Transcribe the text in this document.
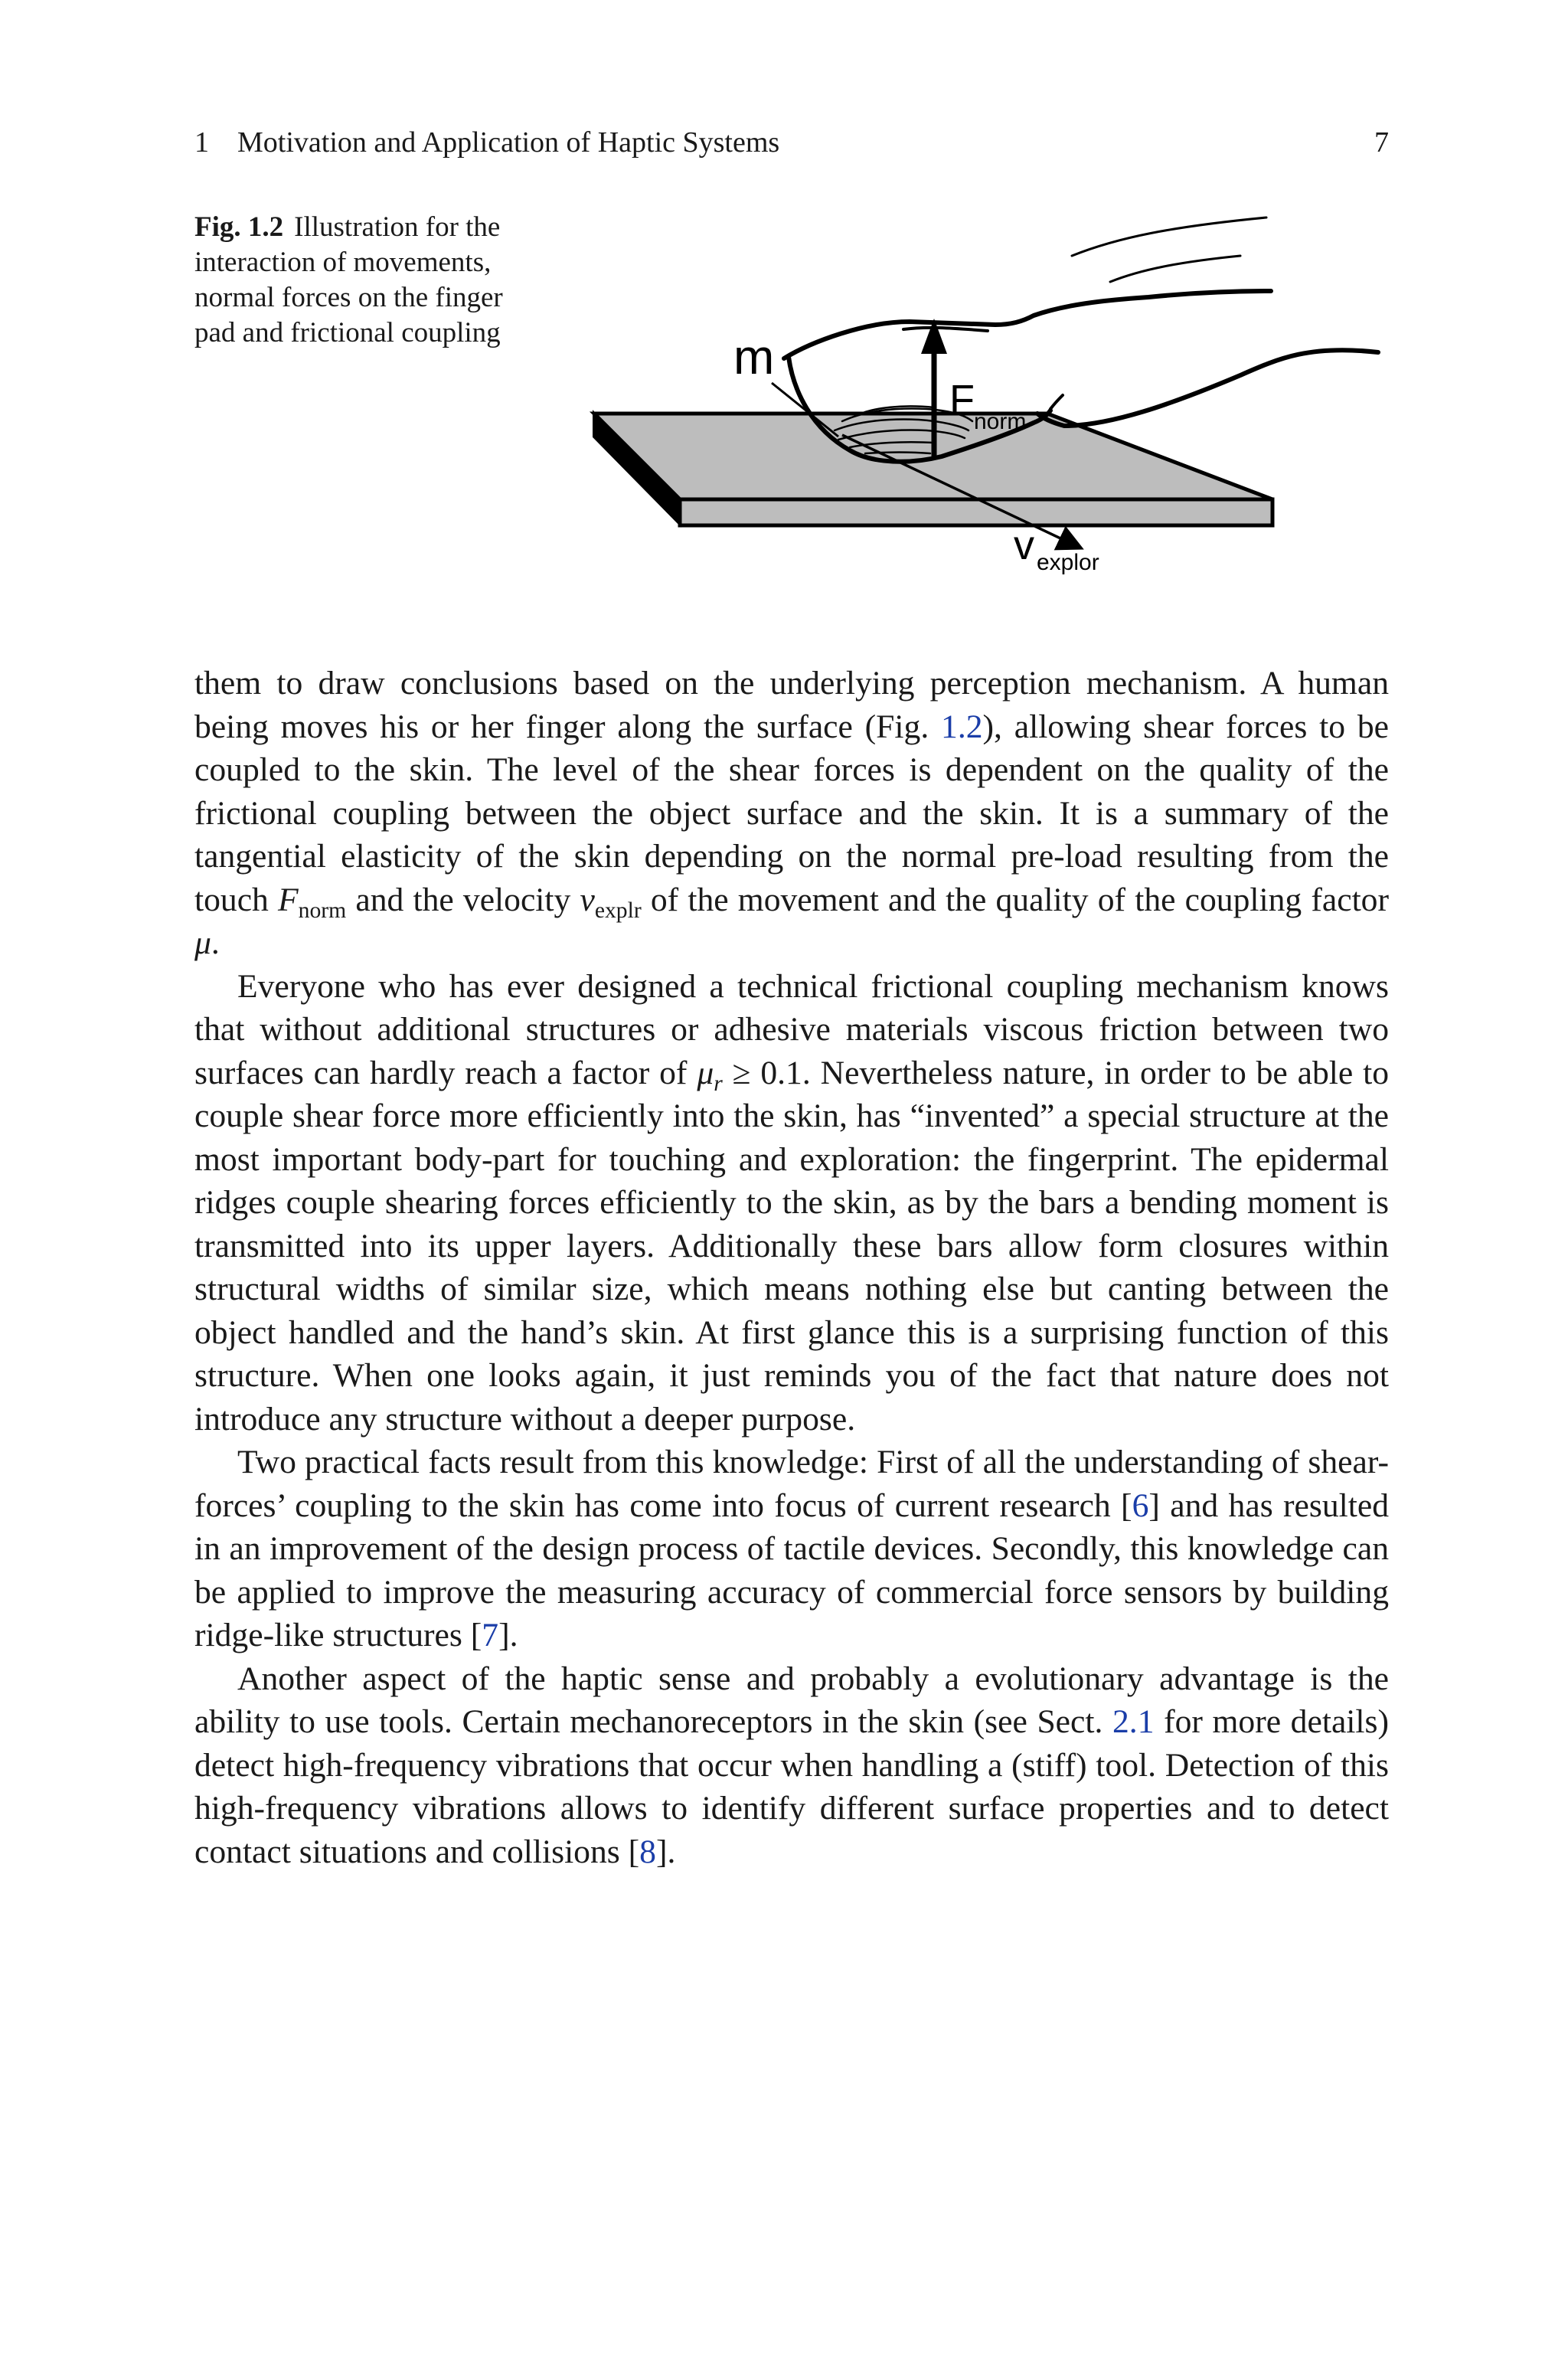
1 Motivation and Application of Haptic Systems	7
Fig. 1.2 Illustration for the interaction of movements, normal forces on the finger pad and frictional coupling	m
F norm
v explor

them to draw conclusions based on the underlying perception mechanism. A human being moves his or her finger along the surface (Fig. 1.2), allowing shear forces to be coupled to the skin. The level of the shear forces is dependent on the quality of the frictional coupling between the object surface and the skin. It is a summary of the tangential elasticity of the skin depending on the normal pre-load resulting from the touch $F_{norm}$ and the velocity $v_{explr}$ of the movement and the quality of the coupling factor μ.

Everyone who has ever designed a technical frictional coupling mechanism knows that without additional structures or adhesive materials viscous friction between two surfaces can hardly reach a factor of $\mu_r \ge 0.1$. Nevertheless nature, in order to be able to couple shear force more efficiently into the skin, has “invented” a special structure at the most important body-part for touching and exploration: the fingerprint. The epidermal ridges couple shearing forces efficiently to the skin, as by the bars a bending moment is transmitted into its upper layers. Additionally these bars allow form closures within structural widths of similar size, which means nothing else but canting between the object handled and the hand’s skin. At first glance this is a surprising function of this structure. When one looks again, it just reminds you of the fact that nature does not introduce any structure without a deeper purpose.

Two practical facts result from this knowledge: First of all the understanding of shear-forces’ coupling to the skin has come into focus of current research [6] and has resulted in an improvement of the design process of tactile devices. Secondly, this knowledge can be applied to improve the measuring accuracy of commercial force sensors by building ridge-like structures [7].

Another aspect of the haptic sense and probably a evolutionary advantage is the ability to use tools. Certain mechanoreceptors in the skin (see Sect. 2.1 for more details) detect high-frequency vibrations that occur when handling a (stiff) tool. Detection of this high-frequency vibrations allows to identify different surface properties and to detect contact situations and collisions [8].
